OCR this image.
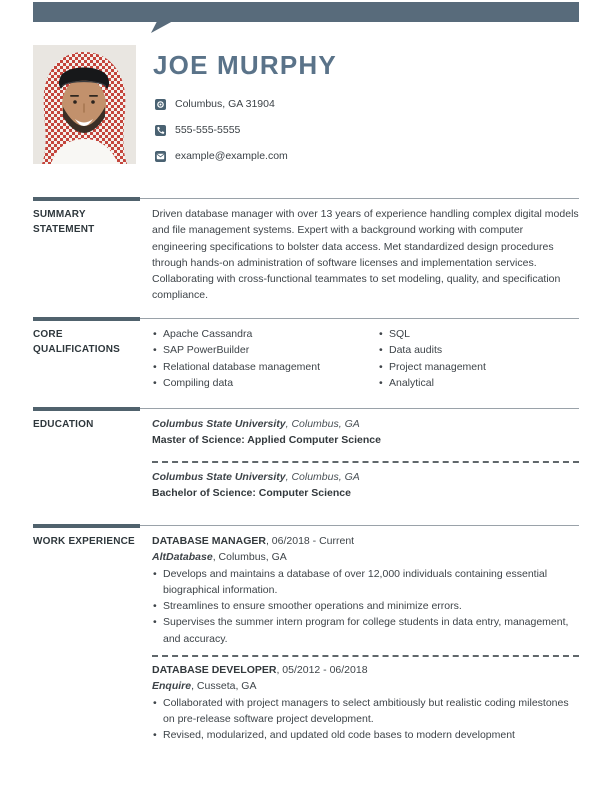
JOE MURPHY
Columbus, GA 31904
555-555-5555
example@example.com
SUMMARY STATEMENT

Driven database manager with over 13 years of experience handling complex digital models and file management systems. Expert with a background working with computer engineering specifications to bolster data access. Met standardized design procedures through hands-on administration of software licenses and implementation services. Collaborating with cross-functional teammates to set modeling, quality, and specification compliance.

CORE QUALIFICATIONS
• Apache Cassandra
• SAP PowerBuilder
• Relational database management
• Compiling data
• SQL
• Data audits
• Project management
• Analytical
EDUCATION	Columbus State University, Columbus, GA
Master of Science: Applied Computer Science
Columbus State University, Columbus, GA
Bachelor of Science: Computer Science
WORK EXPERIENCE DATABASE MANAGER, 06/2018 - Current
AltDatabase, Columbus, GA
• Develops and maintains a database of over 12,000 individuals containing essential biographical information.
• Streamlines to ensure smoother operations and minimize errors.
• Supervises the summer intern program for college students in data entry, management, and accuracy.
DATABASE DEVELOPER, 05/2012 - 06/2018
Enquire, Cusseta, GA
• Collaborated with project managers to select ambitiously but realistic coding milestones on pre-release software project development.
• Revised, modularized, and updated old code bases to modern development
